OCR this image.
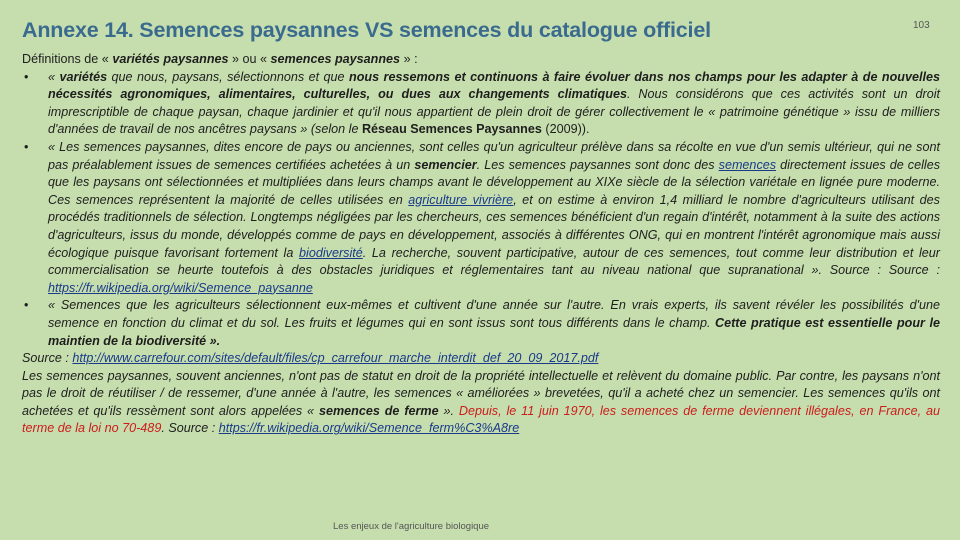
Annexe 14. Semences paysannes VS semences du catalogue officiel	103

Définitions de « variétés paysannes » ou « semences paysannes » :

• « variétés que nous, paysans, sélectionnons et que nous ressemons et continuons à faire évoluer dans nos champs pour les adapter à de nouvelles nécessités agronomiques, alimentaires, culturelles, ou dues aux changements climatiques. Nous considérons que ces activités sont un droit imprescriptible de chaque paysan, chaque jardinier et qu'il nous appartient de plein droit de gérer collectivement le « patrimoine génétique » issu de milliers d'années de travail de nos ancêtres paysans » (selon le Réseau Semences Paysannes (2009)).
• « Les semences paysannes, dites encore de pays ou anciennes, sont celles qu'un agriculteur prélève dans sa récolte en vue d'un semis ultérieur, qui ne sont pas préalablement issues de semences certifiées achetées à un semencier. Les semences paysannes sont donc des semences directement issues de celles que les paysans ont sélectionnées et multipliées dans leurs champs avant le développement au XIXe siècle de la sélection variétale en lignée pure moderne. Ces semences représentent la majorité de celles utilisées en agriculture vivrière, et on estime à environ 1,4 milliard le nombre d'agriculteurs utilisant des procédés traditionnels de sélection. Longtemps négligées par les chercheurs, ces semences bénéficient d'un regain d'intérêt, notamment à la suite des actions d'agriculteurs, issus du monde, développés comme de pays en développement, associés à différentes ONG, qui en montrent l'intérêt agronomique mais aussi écologique puisque favorisant fortement la biodiversité. La recherche, souvent participative, autour de ces semences, tout comme leur distribution et leur commercialisation se heurte toutefois à des obstacles juridiques et réglementaires tant au niveau national que supranational ». Source : Source : https://fr.wikipedia.org/wiki/Semence_paysanne
• « Semences que les agriculteurs sélectionnent eux-mêmes et cultivent d'une année sur l'autre. En vrais experts, ils savent révéler les possibilités d'une semence en fonction du climat et du sol. Les fruits et légumes qui en sont issus sont tous différents dans le champ. Cette pratique est essentielle pour le maintien de la biodiversité ».

Source : http://www.carrefour.com/sites/default/files/cp_carrefour_marche_interdit_def_20_09_2017.pdf

Les semences paysannes, souvent anciennes, n'ont pas de statut en droit de la propriété intellectuelle et relèvent du domaine public. Par contre, les paysans n'ont pas le droit de réutiliser / de ressemer, d'une année à l'autre, les semences « améliorées » brevetées, qu'il a acheté chez un semencier. Les semences qu'ils ont achetées et qu'ils ressèment sont alors appelées « semences de ferme ». Depuis, le 11 juin 1970, les semences de ferme deviennent illégales, en France, au terme de la loi no 70-489. Source : https://fr.wikipedia.org/wiki/Semence_ferm%C3%A8re

Les enjeux de l'agriculture biologique
